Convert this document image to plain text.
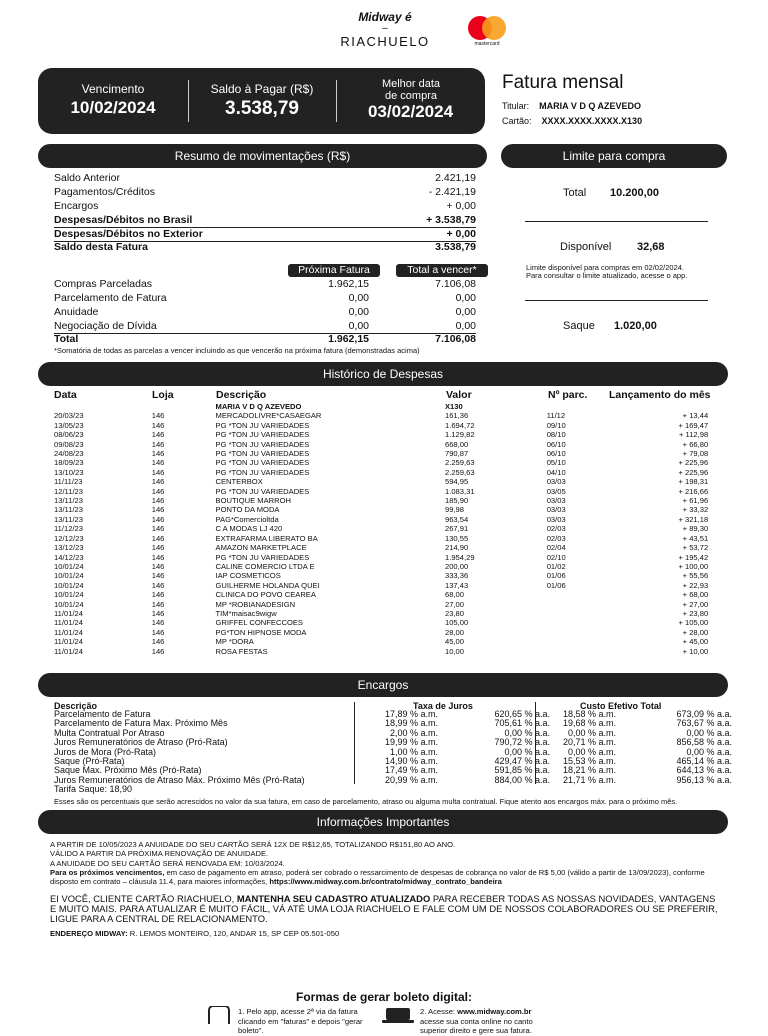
Midway é
–
RIACHUELO	mastercard
Vencimento
10/02/2024
Saldo à Pagar (R$)
3.538,79
Melhor data de compra
03/02/2024
Fatura mensal
Titular: MARIA V D Q AZEVEDO
Cartão: XXXX.XXXX.XXXX.X130
Resumo de movimentações (R$)	Limite para compra
Saldo Anterior	2.421,19
Pagamentos/Créditos	- 2.421,19
Encargos	+ 0,00
Despesas/Débitos no Brasil	+ 3.538,79
Despesas/Débitos no Exterior	+ 0,00
Saldo desta Fatura	3.538,79
Próxima Fatura	Total a vencer*
Compras Parceladas	1.962,15	7.106,08
Parcelamento de Fatura	0,00	0,00
Anuidade	0,00	0,00
Negociação de Dívida	0,00	0,00
Total	1.962,15	7.106,08
*Somatória de todas as parcelas a vencer incluindo as que vencerão na próxima fatura (demonstradas acima)
Total 10.200,00
Disponível 32,68
Limite disponível para compras em 02/02/2024.
Para consultar o limite atualizado, acesse o app.
Saque 1.020,00
Histórico de Despesas
Data	Loja	Descrição	Valor	Nº parc. Lançamento do mês
		MARIA V D Q AZEVEDO	X130			
20/03/23	146	MERCADOLIVRE*CASAEGAR	161,36	11/12	+ 13,44	
13/05/23	146	PG *TON JU VARIEDADES	1.694,72	09/10	+ 169,47	
08/06/23	146	PG *TON JU VARIEDADES	1.129,82	08/10	+ 112,98	
09/08/23	146	PG *TON JU VARIEDADES	668,00	06/10	+ 66,80	
24/08/23	146	PG *TON JU VARIEDADES	790,87	06/10	+ 79,08	
18/09/23	146	PG *TON JU VARIEDADES	2.259,63	05/10	+ 225,96	
13/10/23	146	PG *TON JU VARIEDADES	2.259,63	04/10	+ 225,96	
11/11/23	146	CENTERBOX	594,95	03/03	+ 198,31	
12/11/23	146	PG *TON JU VARIEDADES	1.083,31	03/05	+ 216,66	
13/11/23	146	BOUTIQUE MARROH	185,90	03/03	+ 61,96	
13/11/23	146	PONTO DA MODA	99,98	03/03	+ 33,32	
13/11/23	146	PAG*Comercioltda	963,54	03/03	+ 321,18	
11/12/23	146	C A MODAS LJ 420	267,91	02/03	+ 89,30	
12/12/23	146	EXTRAFARMA LIBERATO BA	130,55	02/03	+ 43,51	
13/12/23	146	AMAZON MARKETPLACE	214,90	02/04	+ 53,72	
14/12/23	146	PG *TON JU VARIEDADES	1.954,29	02/10	+ 195,42	
10/01/24	146	CALINE COMERCIO LTDA E	200,00	01/02	+ 100,00	
10/01/24	146	IAP COSMETICOS	333,36	01/06	+ 55,56	
10/01/24	146	GUILHERME HOLANDA QUEI	137,43	01/06	+ 22,93	
10/01/24	146	CLINICA DO POVO CEAREA	68,00		+ 68,00	
10/01/24	146	MP *ROBIANADESIGN	27,00		+ 27,00	
11/01/24	146	TIM*maisac9wigw	23,80		+ 23,80	
11/01/24	146	GRIFFEL CONFECCOES	105,00		+ 105,00	
11/01/24	146	PG*TON HIPNOSE MODA	28,00		+ 28,00	
11/01/24	146	MP *DORA	45,00		+ 45,00	
11/01/24	146	ROSA FESTAS	10,00		+ 10,00	
Encargos
Descrição	Taxa de Juros	Custo Efetivo Total
Parcelamento de Fatura	17,89 % a.m.	620,65 % a.a.	18,58 % a.m.	673,09 % a.a.
Parcelamento de Fatura Max. Próximo Mês	18,99 % a.m.	705,61 % a.a.	19,68 % a.m.	763,67 % a.a.
Multa Contratual Por Atraso	2,00 % a.m.	0,00 % a.a.	0,00 % a.m.	0,00 % a.a.
Juros Remuneratórios de Atraso (Pró-Rata)	19,99 % a.m.	790,72 % a.a.	20,71 % a.m.	856,58 % a.a.
Juros de Mora (Pró-Rata)	1,00 % a.m.	0,00 % a.a.	0,00 % a.m.	0,00 % a.a.
Saque (Pró-Rata)	14,90 % a.m.	429,47 % a.a.	15,53 % a.m.	465,14 % a.a.
Saque Max. Próximo Mês (Pró-Rata)	17,49 % a.m.	591,85 % a.a.	18,21 % a.m.	644,13 % a.a.
Juros Remuneratórios de Atraso Máx. Próximo Mês (Pró-Rata)	20,99 % a.m.	884,00 % a.a.	21,71 % a.m.	956,13 % a.a.
Tarifa Saque: 18,90
Esses são os percentuais que serão acrescidos no valor da sua fatura, em caso de parcelamento, atraso ou alguma multa contratual. Fique atento aos encargos máx. para o próximo mês.
Informações Importantes
A PARTIR DE 10/05/2023 A ANUIDADE DO SEU CARTÃO SERÁ 12X DE R$12,65, TOTALIZANDO R$151,80 AO ANO.
VÁLIDO A PARTIR DA PRÓXIMA RENOVAÇÃO DE ANUIDADE.
A ANUIDADE DO SEU CARTÃO SERÁ RENOVADA EM: 10/03/2024.
Para os próximos vencimentos, em caso de pagamento em atraso, poderá ser cobrado o ressarcimento de despesas de cobrança no valor de R$ 5,00 (válido a partir de 13/09/2023), conforme disposto em contrato – cláusula 11.4, para maiores informações, https://www.midway.com.br/contrato/midway_contrato_bandeira
EI VOCÊ, CLIENTE CARTÃO RIACHUELO, MANTENHA SEU CADASTRO ATUALIZADO PARA RECEBER TODAS AS NOSSAS NOVIDADES, VANTAGENS E MUITO MAIS. PARA ATUALIZAR É MUITO FÁCIL, VÁ ATÉ UMA LOJA RIACHUELO E FALE COM UM DE NOSSOS COLABORADORES OU SE PREFERIR, LIGUE PARA A CENTRAL DE RELACIONAMENTO.
ENDEREÇO MIDWAY: R. LEMOS MONTEIRO, 120, ANDAR 15, SP CEP 05.501-050
Formas de gerar boleto digital:
1. Pelo app, acesse 2ª via da fatura clicando em "faturas" e depois "gerar boleto".
2. Acesse: www.midway.com.br acesse sua conta online no canto superior direito e gere sua fatura.
